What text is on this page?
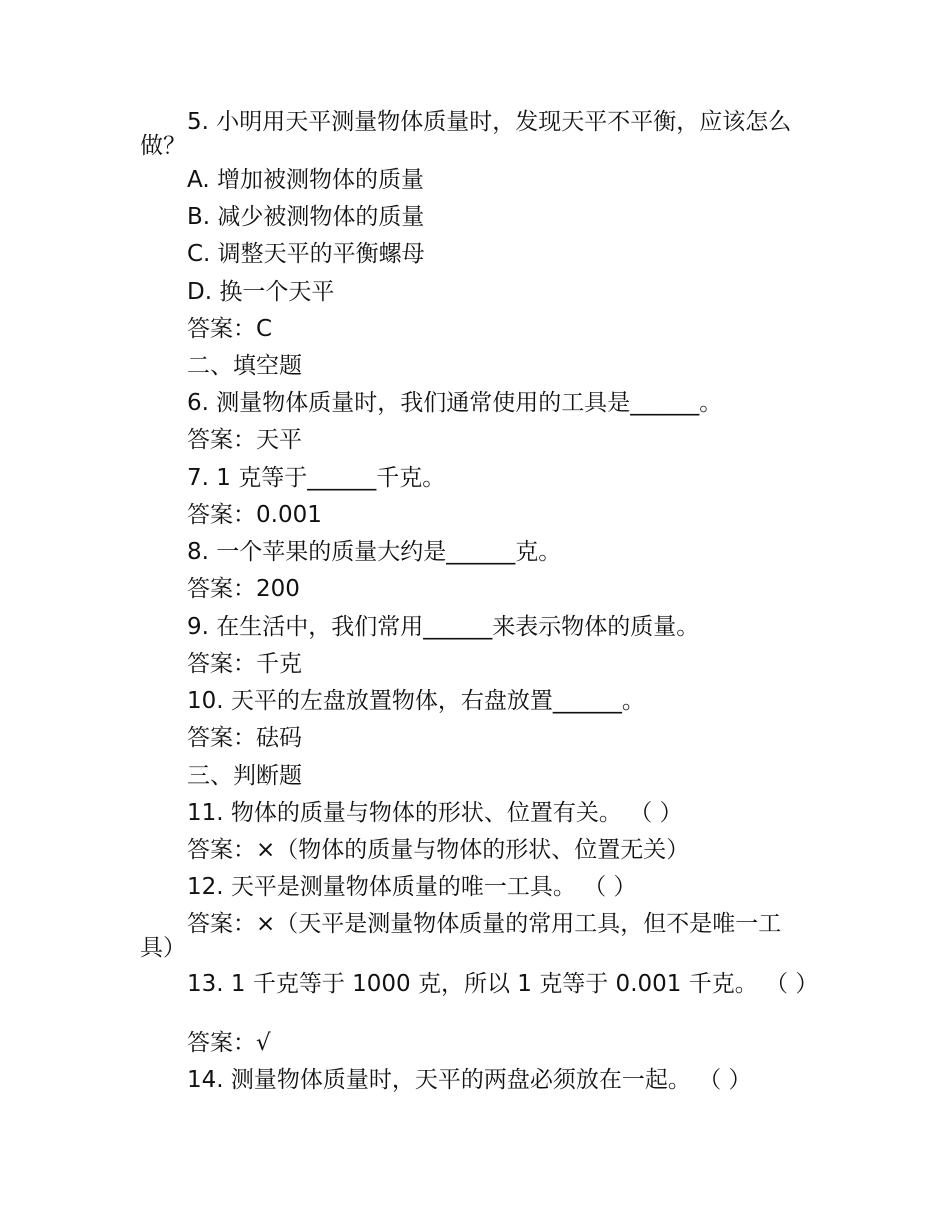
5. 小明用天平测量物体质量时，发现天平不平衡，应该怎么做？

A. 增加被测物体的质量

B. 减少被测物体的质量

C. 调整天平的平衡螺母

D. 换一个天平

答案：C

二、填空题

6. 测量物体质量时，我们通常使用的工具是______。

答案：天平

7. 1 克等于______千克。

答案：0.001

8. 一个苹果的质量大约是______克。

答案：200

9. 在生活中，我们常用______来表示物体的质量。

答案：千克

10. 天平的左盘放置物体，右盘放置______。

答案：砝码

三、判断题

11. 物体的质量与物体的形状、位置有关。 （ ）

答案：×（物体的质量与物体的形状、位置无关）

12. 天平是测量物体质量的唯一工具。 （ ）

答案：×（天平是测量物体质量的常用工具，但不是唯一工具）

13. 1 千克等于 1000 克，所以 1 克等于 0.001 千克。 （ ）

答案：√

14. 测量物体质量时，天平的两盘必须放在一起。 （ ）
